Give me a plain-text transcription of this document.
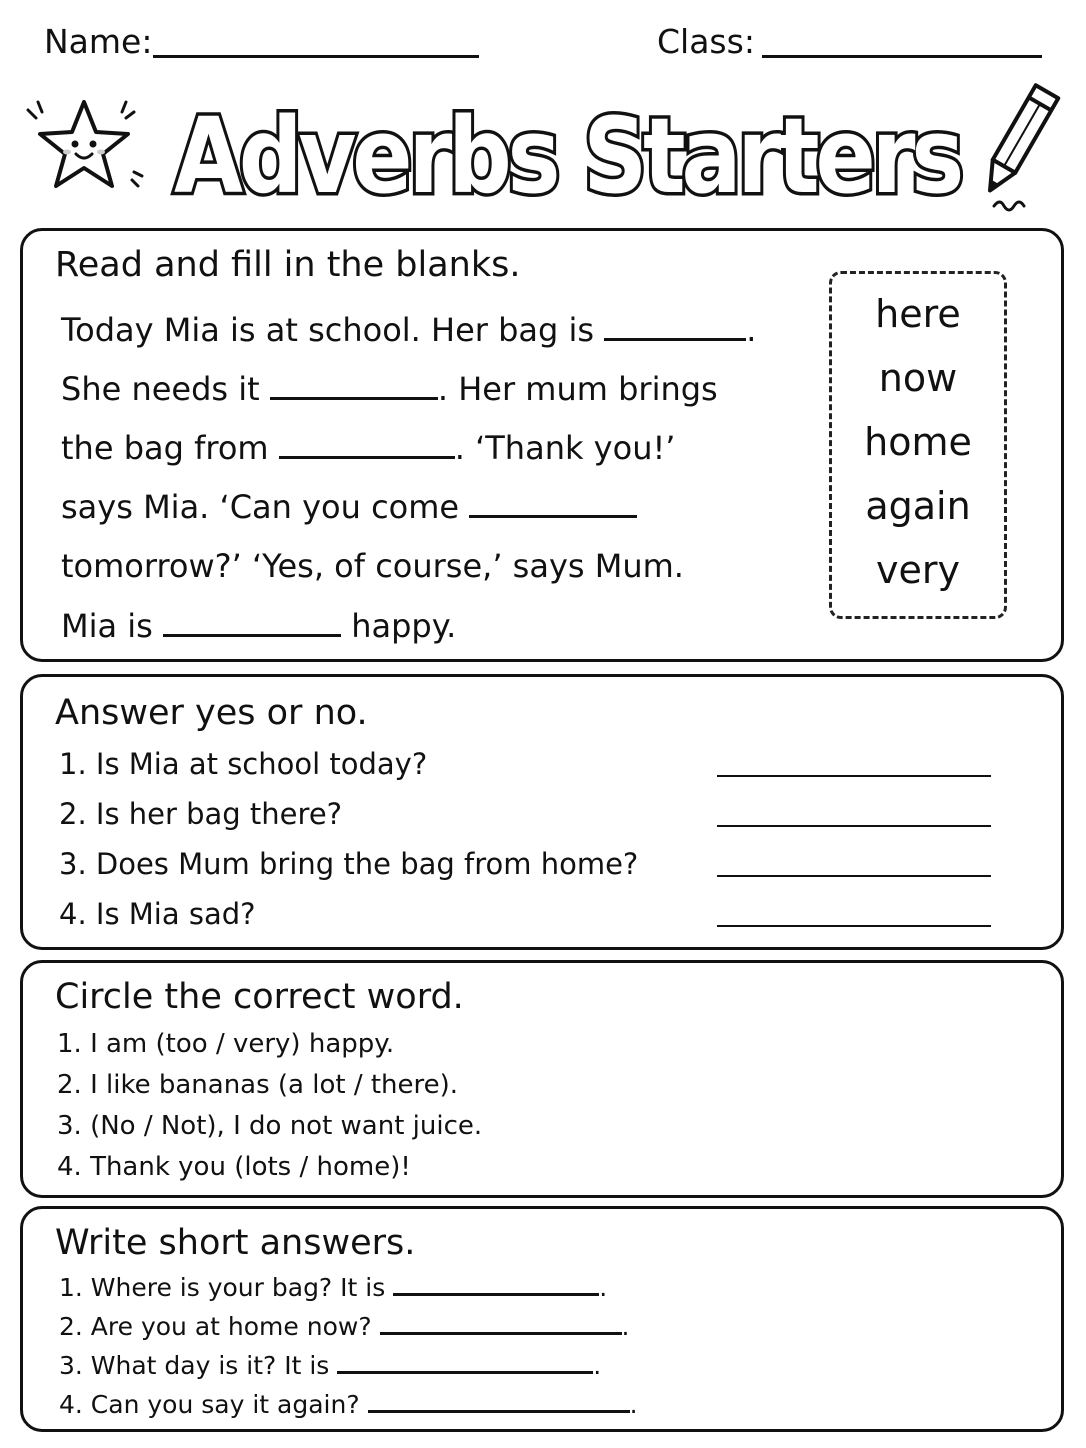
Name:	Class:
Adverbs Starters
Read and fill in the blanks.
Today Mia is at school. Her bag is	.
She needs it	. Her mum brings
the bag from	. ‘Thank you!’
says Mia. ‘Can you come
tomorrow?’ ‘Yes, of course,’ says Mum.
Mia is	happy.
here
now
home
again
very
Answer yes or no.
1. Is Mia at school today?
2. Is her bag there?
3. Does Mum bring the bag from home?
4. Is Mia sad?
Circle the correct word.
1. I am (too / very) happy.
2. I like bananas (a lot / there).
3. (No / Not), I do not want juice.
4. Thank you (lots / home)!
Write short answers.
1. Where is your bag? It is	.
2. Are you at home now?	.
3. What day is it? It is	.
4. Can you say it again?	.
